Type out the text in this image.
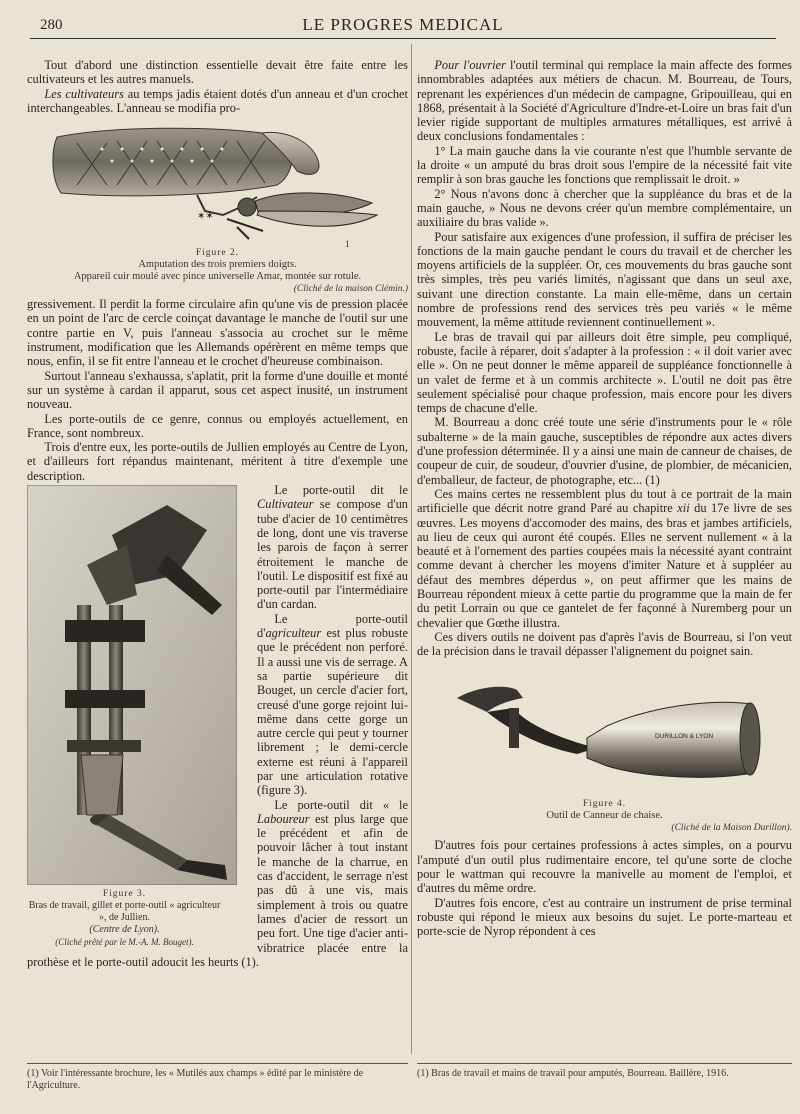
280	LE PROGRES MEDICAL

Tout d'abord une distinction essentielle devait être faite entre les cultivateurs et les autres manuels.

Les cultivateurs au temps jadis étaient dotés d'un anneau et d'un crochet interchangeables. L'anneau se modifia pro-

✶✶
1
Figure 2.
Amputation des trois premiers doigts.
Appareil cuir moulé avec pince universelle Amar, montée sur rotule.
(Cliché de la maison Clémin.)

gressivement. Il perdit la forme circulaire afin qu'une vis de pression placée en un point de l'arc de cercle coinçat davantage le manche de l'outil sur une contre partie en V, puis l'anneau s'associa au crochet sur le même instrument, modification que les Allemands opérèrent en même temps que nous, enfin, il se fit entre l'anneau et le crochet d'heureuse combinaison.

Surtout l'anneau s'exhaussa, s'aplatit, prit la forme d'une douille et monté sur un système à cardan il apparut, sous cet aspect inusité, un instrument nouveau.

Les porte-outils de ce genre, connus ou employés actuellement, en France, sont nombreux.

Trois d'entre eux, les porte-outils de Jullien employés au Centre de Lyon, et d'ailleurs fort répandus maintenant, méritent à titre d'exemple une description.

Figure 3.
Bras de travail, gillet et porte-outil « agriculteur », de Jullien.
(Centre de Lyon).
(Cliché prêté par le M.-A. M. Bouget).

Le porte-outil dit le Cultivateur se compose d'un tube d'acier de 10 centimètres de long, dont une vis traverse les parois de façon à serrer étroitement le manche de l'outil. Le dispositif est fixé au porte-outil par l'intermédiaire d'un cardan.

Le porte-outil d'agriculteur est plus robuste que le précédent non perforé. Il a aussi une vis de serrage. A sa partie supérieure dit Bouget, un cercle d'acier fort, creusé d'une gorge rejoint lui-même dans cette gorge un autre cercle qui peut y tourner librement ; le demi-cercle externe est réuni à l'appareil par une articulation rotative (figure 3).

Le porte-outil dit « le Laboureur est plus large que le précédent et afin de pouvoir lâcher à tout instant le manche de la charrue, en cas d'accident, le serrage n'est pas dû à une vis, mais simplement à trois ou quatre lames d'acier de ressort un peu fort. Une tige d'acier anti-vibratrice placée entre la prothèse et le porte-outil adoucit les heurts (1).

Pour l'ouvrier l'outil terminal qui remplace la main affecte des formes innombrables adaptées aux métiers de chacun. M. Bourreau, de Tours, reprenant les expériences d'un médecin de campagne, Gripouilleau, qui en 1868, présentait à la Société d'Agriculture d'Indre-et-Loire un bras fait d'un levier rigide supportant de multiples armatures métalliques, est arrivé à deux conclusions fondamentales :

1° La main gauche dans la vie courante n'est que l'humble servante de la droite « un amputé du bras droit sous l'empire de la nécessité fait vite remplir à son bras gauche les fonctions que remplissait le droit. »

2° Nous n'avons donc à chercher que la suppléance du bras et de la main gauche, » Nous ne devons créer qu'un membre complémentaire, un auxiliaire du bras valide ».

Pour satisfaire aux exigences d'une profession, il suffira de préciser les fonctions de la main gauche pendant le cours du travail et de chercher les moyens artificiels de la suppléer. Or, ces mouvements du bras gauche sont très simples, très peu variés limités, n'agissant que dans un seul axe, suivant une direction constante. La main elle-même, dans un certain nombre de professions rend des services très peu variés « le même mouvement, la même attitude reviennent continuellement ».

Le bras de travail qui par ailleurs doit être simple, peu compliqué, robuste, facile à réparer, doit s'adapter à la profession : « il doit varier avec elle ». On ne peut donner le même appareil de suppléance fonctionnelle à un valet de ferme et à un commis architecte ». L'outil ne doit pas être seulement spécialisé pour chaque profession, mais encore pour les divers temps de chacune d'elle.

M. Bourreau a donc créé toute une série d'instruments pour le « rôle subalterne » de la main gauche, susceptibles de répondre aux actes divers d'une profession déterminée. Il y a ainsi une main de canneur de chaises, de coupeur de cuir, de soudeur, d'ouvrier d'usine, de plombier, de mécanicien, d'emballeur, de facteur, de photographe, etc... (1)

Ces mains certes ne ressemblent plus du tout à ce portrait de la main artificielle que décrit notre grand Paré au chapitre xii du 17e livre de ses œuvres. Les moyens d'accomoder des mains, des bras et jambes artificiels, au lieu de ceux qui auront été coupés. Elles ne servent nullement « à la beauté et à l'ornement des parties coupées mais la nécessité ayant contraint comme devant à chercher les moyens d'imiter Nature et à suppléer au défaut des membres déperdus », on peut affirmer que les mains de Bourreau répondent mieux à cette partie du programme que la main de fer du petit Lorrain ou que ce gantelet de fer façonné à Nuremberg pour un chevalier que Gœthe illustra.

Ces divers outils ne doivent pas d'après l'avis de Bourreau, si l'on veut de la précision dans le travail dépasser l'alignement du poignet sain.

DURILLON & LYON
Figure 4.
Outil de Canneur de chaise.
(Cliché de la Maison Durillon).

D'autres fois pour certaines professions à actes simples, on a pourvu l'amputé d'un outil plus rudimentaire encore, tel qu'une sorte de cloche pour le wattman qui recouvre la manivelle au moment de l'emploi, et d'autres du même ordre.

D'autres fois encore, c'est au contraire un instrument de prise terminal robuste qui répond le mieux aux besoins du sujet. Le porte-marteau et porte-scie de Nyrop répondent à ces

(1) Voir l'intéressante brochure, les « Mutilés aux champs » édité par le ministère de l'Agriculture.
(1) Bras de travail et mains de travail pour amputés, Bourreau. Baillère, 1916.
